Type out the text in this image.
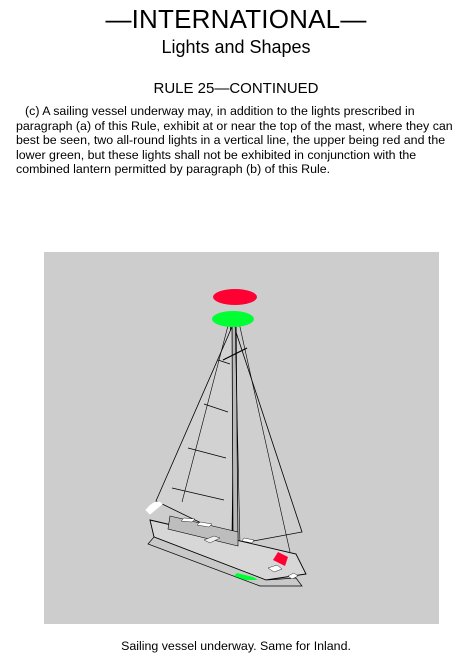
—INTERNATIONAL—
Lights and Shapes
RULE 25—CONTINUED
(c) A sailing vessel underway may, in addition to the lights prescribed in paragraph (a) of this Rule, exhibit at or near the top of the mast, where they can best be seen, two all-round lights in a vertical line, the upper being red and the lower green, but these lights shall not be exhibited in conjunction with the combined lantern permitted by paragraph (b) of this Rule.
Sailing vessel underway. Same for Inland.
